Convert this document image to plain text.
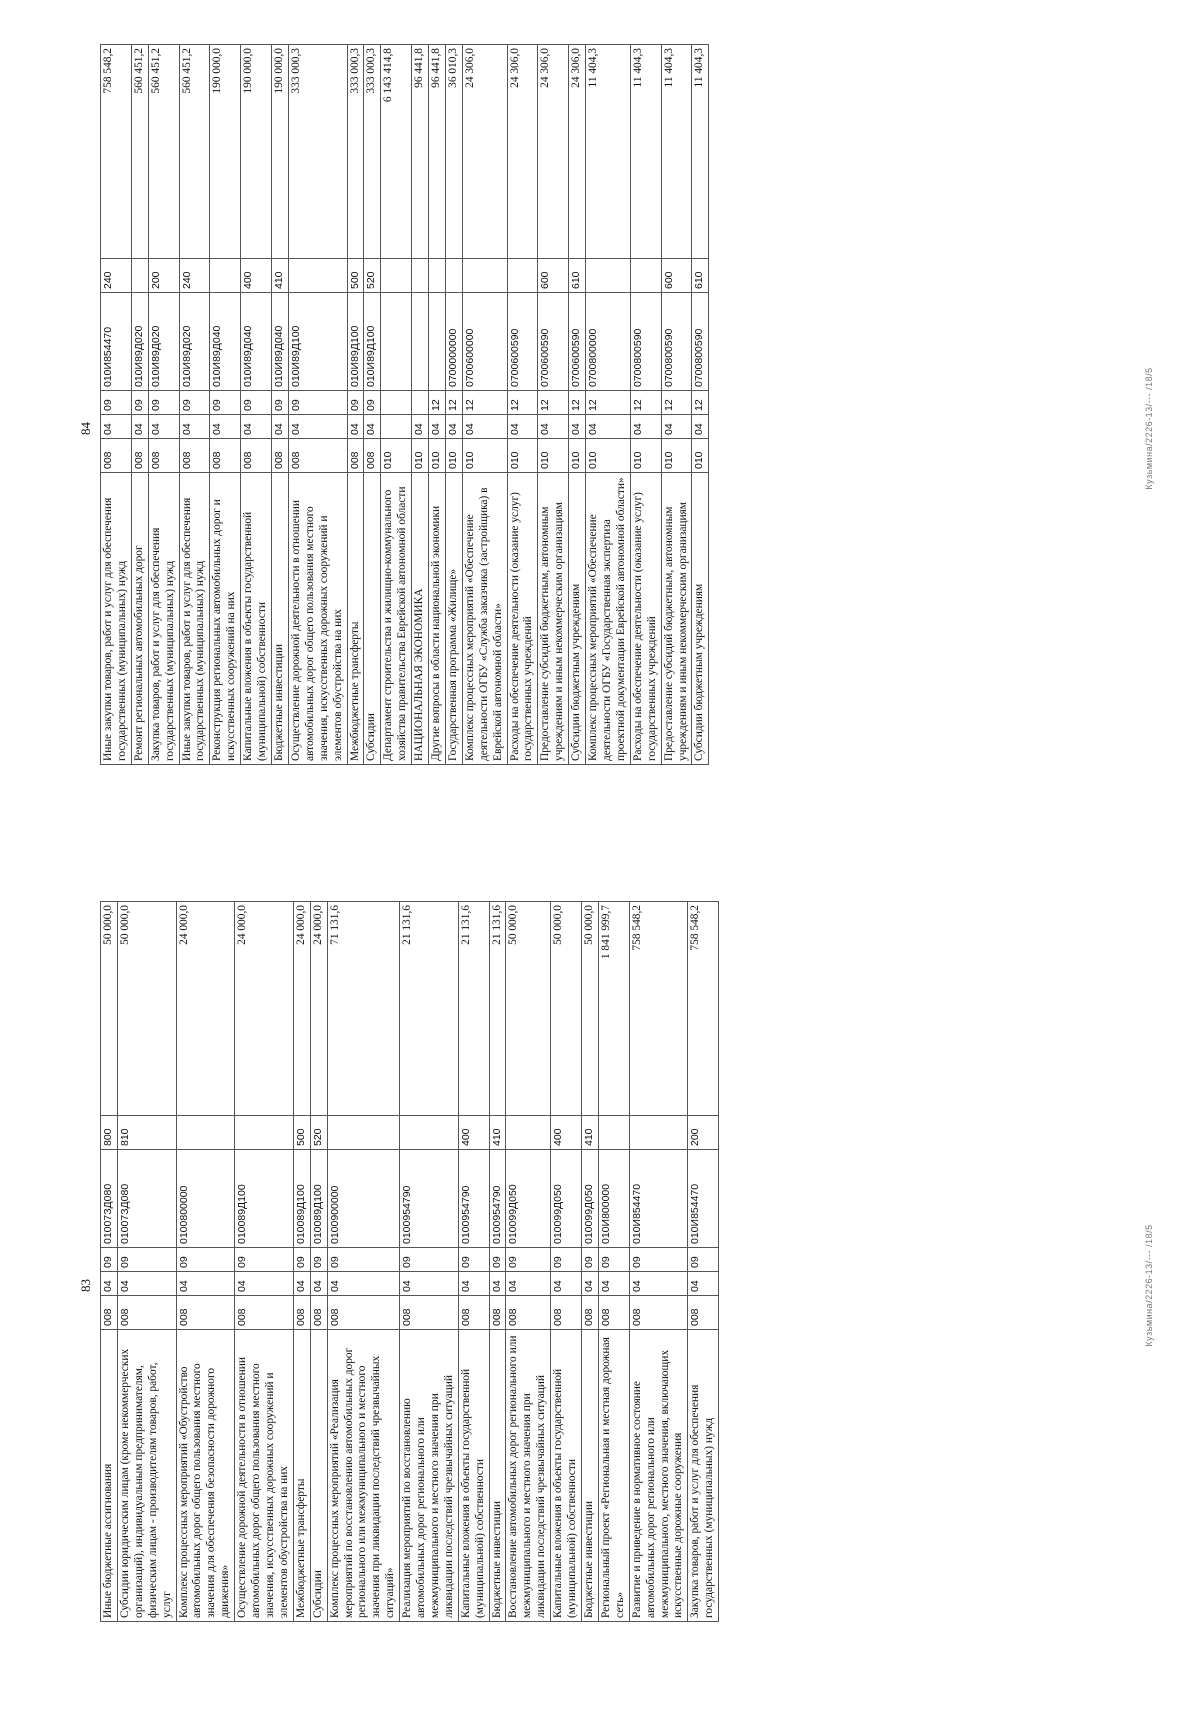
83
Иные бюджетные ассигнования	008	04	09	01007ЗД080	800	50 000,0
Субсидии юридическим лицам (кроме некоммерческих организаций), индивидуальным предпринимателям, физическим лицам - производителям товаров, работ, услуг	008	04	09	01007ЗД080	810	50 000,0
Комплекс процессных мероприятий «Обустройство автомобильных дорог общего пользования местного значения для обеспечения безопасности дорожного движения»	008	04	09	0100800000		24 000,0
Осуществление дорожной деятельности в отношении автомобильных дорог общего пользования местного значения, искусственных дорожных сооружений и элементов обустройства на них	008	04	09	010089Д100		24 000,0
Межбюджетные трансферты	008	04	09	010089Д100	500	24 000,0
Субсидии	008	04	09	010089Д100	520	24 000,0
Комплекс процессных мероприятий «Реализация мероприятий по восстановлению автомобильных дорог регионального или межмуниципального и местного значения при ликвидации последствий чрезвычайных ситуаций»	008	04	09	0100900000		71 131,6
Реализация мероприятий по восстановлению автомобильных дорог регионального или межмуниципального и местного значения при ликвидации последствий чрезвычайных ситуаций	008	04	09	0100954790		21 131,6
Капитальные вложения в объекты государственной (муниципальной) собственности	008	04	09	0100954790	400	21 131,6
Бюджетные инвестиции	008	04	09	0100954790	410	21 131,6
Восстановление автомобильных дорог регионального или межмуниципального и местного значения при ликвидации последствий чрезвычайных ситуаций	008	04	09	010099Д050		50 000,0
Капитальные вложения в объекты государственной (муниципальной) собственности	008	04	09	010099Д050	400	50 000,0
Бюджетные инвестиции	008	04	09	010099Д050	410	50 000,0
Региональный проект «Региональная и местная дорожная сеть»	008	04	09	010И800000		1 841 999,7
Развитие и приведение в нормативное состояние автомобильных дорог регионального или межмуниципального, местного значения, включающих искусственные дорожные сооружения	008	04	09	010И854470		758 548,2
Закупка товаров, работ и услуг для обеспечения государственных (муниципальных) нужд	008	04	09	010И854470	200	758 548,2
Кузьмина/2226-13/--- /18/5
84
Иные закупки товаров, работ и услуг для обеспечения государственных (муниципальных) нужд	008	04	09	010И854470	240	758 548,2
Ремонт региональных автомобильных дорог	008	04	09	010И89Д020		560 451,2
Закупка товаров, работ и услуг для обеспечения государственных (муниципальных) нужд	008	04	09	010И89Д020	200	560 451,2
Иные закупки товаров, работ и услуг для обеспечения государственных (муниципальных) нужд	008	04	09	010И89Д020	240	560 451,2
Реконструкция региональных автомобильных дорог и искусственных сооружений на них	008	04	09	010И89Д040		190 000,0
Капитальные вложения в объекты государственной (муниципальной) собственности	008	04	09	010И89Д040	400	190 000,0
Бюджетные инвестиции	008	04	09	010И89Д040	410	190 000,0
Осуществление дорожной деятельности в отношении автомобильных дорог общего пользования местного значения, искусственных дорожных сооружений и элементов обустройства на них	008	04	09	010И89Д100		333 000,3
Межбюджетные трансферты	008	04	09	010И89Д100	500	333 000,3
Субсидии	008	04	09	010И89Д100	520	333 000,3
Департамент строительства и жилищно-коммунального хозяйства правительства Еврейской автономной области	010					6 143 414,8
НАЦИОНАЛЬНАЯ ЭКОНОМИКА	010	04				96 441,8
Другие вопросы в области национальной экономики	010	04	12			96 441,8
Государственная программа «Жилище»	010	04	12	0700000000		36 010,3
Комплекс процессных мероприятий «Обеспечение деятельности ОГБУ «Служба заказчика (застройщика) в Еврейской автономной области»	010	04	12	0700600000		24 306,0
Расходы на обеспечение деятельности (оказание услуг) государственных учреждений	010	04	12	0700600590		24 306,0
Предоставление субсидий бюджетным, автономным учреждениям и иным некоммерческим организациям	010	04	12	0700600590	600	24 306,0
Субсидии бюджетным учреждениям	010	04	12	0700600590	610	24 306,0
Комплекс процессных мероприятий «Обеспечение деятельности ОГБУ «Государственная экспертиза проектной документации Еврейской автономной области»	010	04	12	0700800000		11 404,3
Расходы на обеспечение деятельности (оказание услуг) государственных учреждений	010	04	12	0700800590		11 404,3
Предоставление субсидий бюджетным, автономным учреждениям и иным некоммерческим организациям	010	04	12	0700800590	600	11 404,3
Субсидии бюджетным учреждениям	010	04	12	0700800590	610	11 404,3
Кузьмина/2226-13/--- /18/5
